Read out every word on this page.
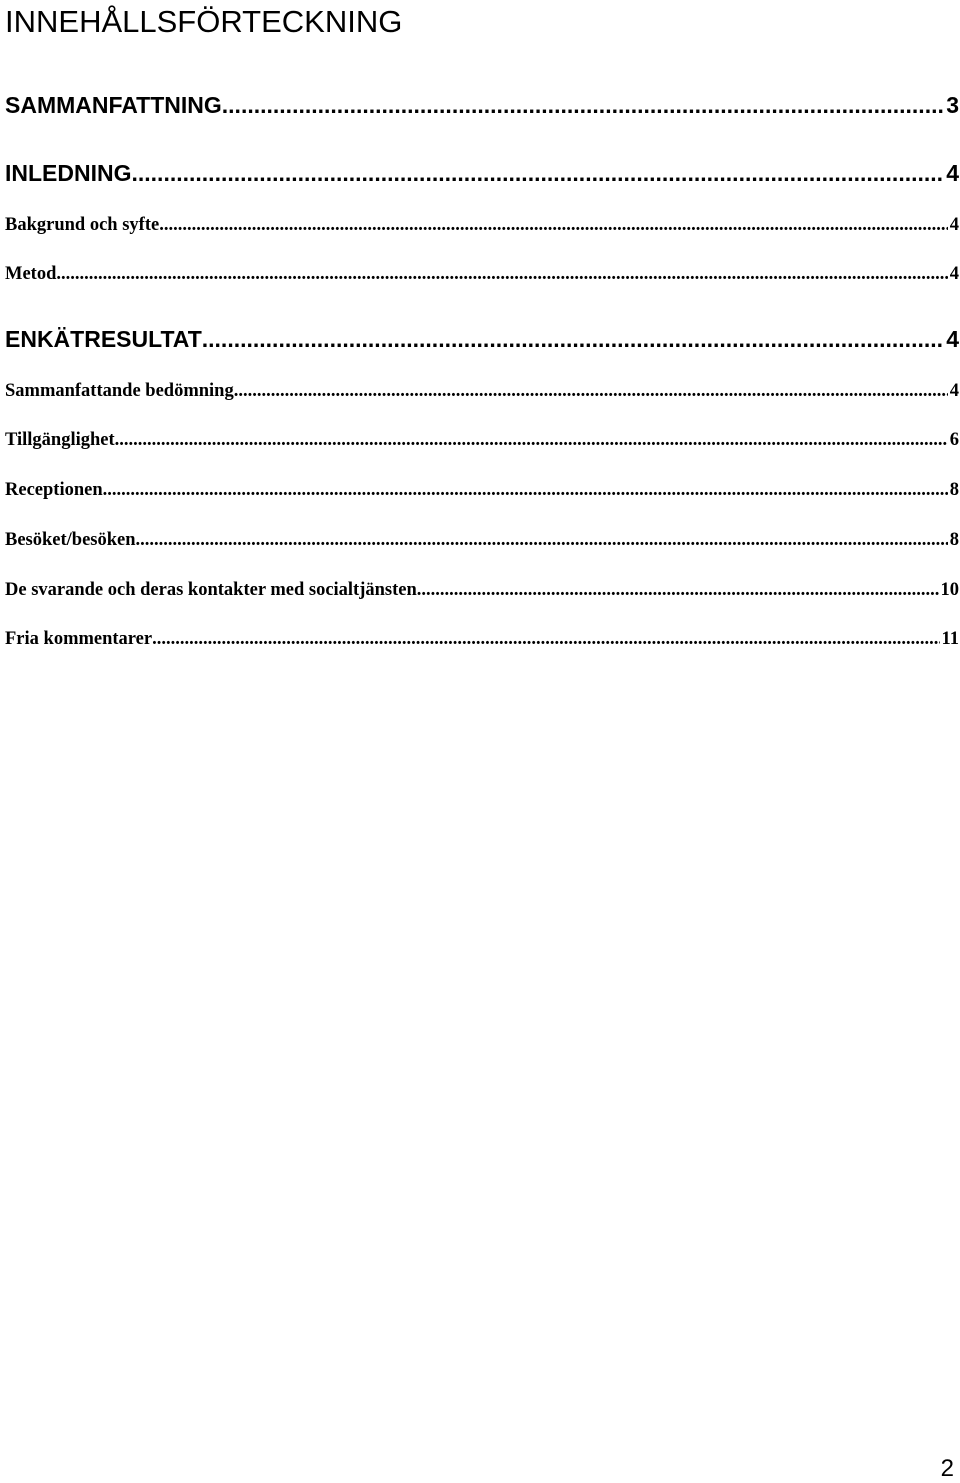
INNEHÅLLSFÖRTECKNING
SAMMANFATTNING .....	3
INLEDNING .....	4
Bakgrund och syfte .....	4
Metod .....	4
ENKÄTRESULTAT .....	4
Sammanfattande bedömning .....	4
Tillgänglighet .....	6
Receptionen .....	8
Besöket/besöken .....	8
De svarande och deras kontakter med socialtjänsten .....	10
Fria kommentarer .....	11
2
